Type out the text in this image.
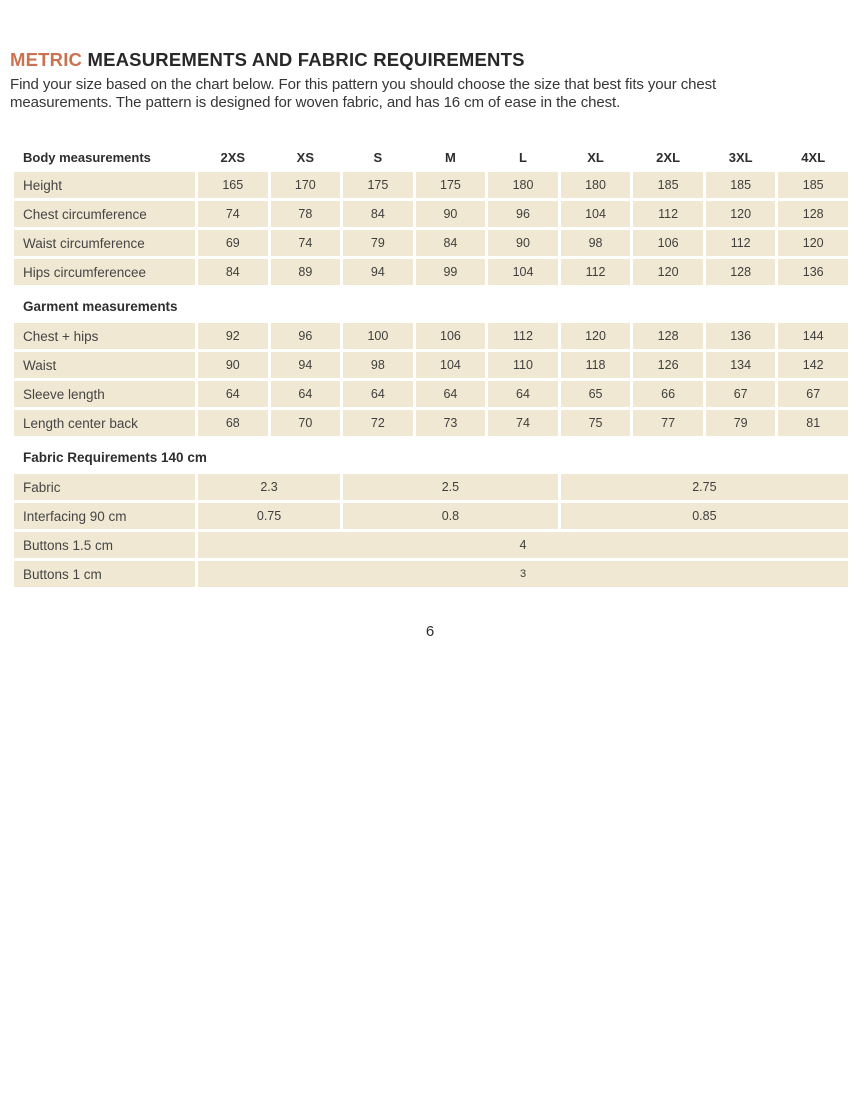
METRIC MEASUREMENTS AND FABRIC REQUIREMENTS

Find your size based on the chart below. For this pattern you should choose the size that best fits your chest measurements. The pattern is designed for woven fabric, and has 16 cm of ease in the chest.

Body measurements	2XS	XS	S	M	L	XL	2XL	3XL	4XL
Height	165	170	175	175	180	180	185	185	185
Chest circumference	74	78	84	90	96	104	112	120	128
Waist circumference	69	74	79	84	90	98	106	112	120
Hips circumferencee	84	89	94	99	104	112	120	128	136
Garment measurements
Chest + hips	92	96	100	106	112	120	128	136	144
Waist	90	94	98	104	110	118	126	134	142
Sleeve length	64	64	64	64	64	65	66	67	67
Length center back	68	70	72	73	74	75	77	79	81
Fabric Requirements 140 cm
Fabric	2.3	2.5	2.75
Interfacing 90 cm	0.75	0.8	0.85
Buttons 1.5 cm	4
Buttons 1 cm	3
6
